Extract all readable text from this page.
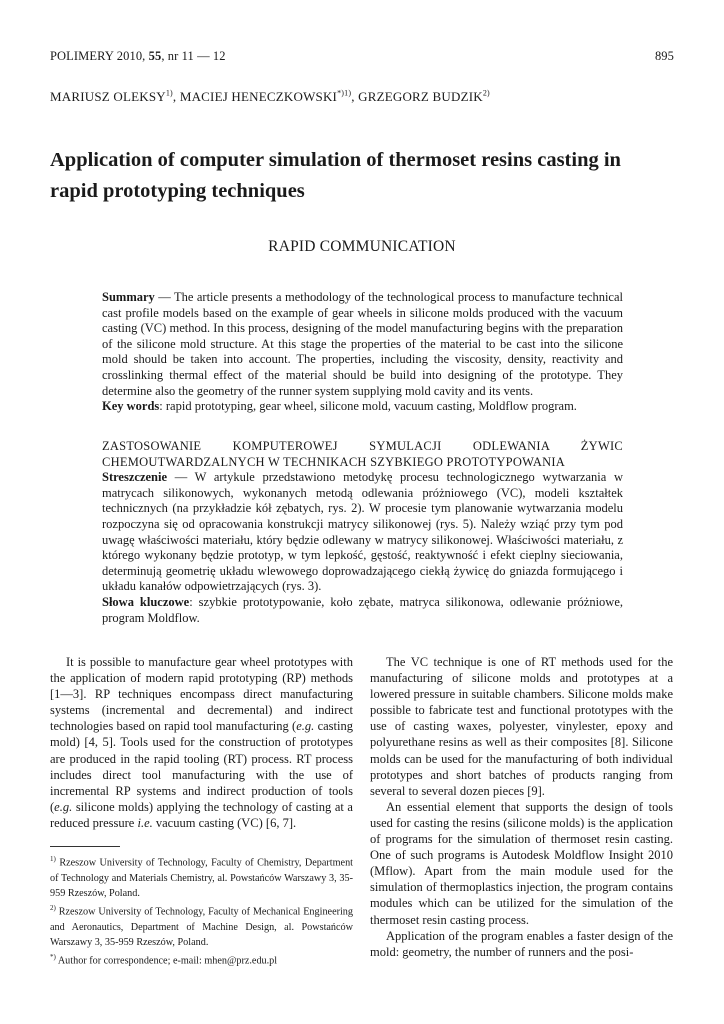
POLIMERY 2010, 55, nr 11 — 12	895
MARIUSZ OLEKSY$^{1)}$, MACIEJ $HENECZKOWSKI^{*)1)}$, GRZEGORZ BUDZIK$^{2)}$
Application of computer simulation of thermoset resins casting in rapid prototyping techniques
RAPID COMMUNICATION

Summary — The article presents a methodology of the technological process to manufacture technical cast profile models based on the example of gear wheels in silicone molds produced with the vacuum casting (VC) method. In this process, designing of the model manufacturing begins with the preparation of the silicone mold structure. At this stage the properties of the material to be cast into the silicone mold should be taken into account. The properties, including the viscosity, density, reactivity and crosslinking thermal effect of the material should be build into designing of the prototype. They determine also the geometry of the runner system supplying mold cavity and its vents.

Key words: rapid prototyping, gear wheel, silicone mold, vacuum casting, Moldflow program.

ZASTOSOWANIE KOMPUTEROWEJ SYMULACJI ODLEWANIA ŻYWIC CHEMOUTWARDZALNYCH W TECHNIKACH SZYBKIEGO PROTOTYPOWANIA

Streszczenie — W artykule przedstawiono metodykę procesu technologicznego wytwarzania w matrycach silikonowych, wykonanych metodą odlewania próżniowego (VC), modeli kształtek technicznych (na przykładzie kół zębatych, rys. 2). W procesie tym planowanie wytwarzania modelu rozpoczyna się od opracowania konstrukcji matrycy silikonowej (rys. 5). Należy wziąć przy tym pod uwagę właściwości materiału, który będzie odlewany w matrycy silikonowej. Właściwości materiału, z którego wykonany będzie prototyp, w tym lepkość, gęstość, reaktywność i efekt cieplny sieciowania, determinują geometrię układu wlewowego doprowadzającego ciekłą żywicę do gniazda formującego i układu kanałów odpowietrzających (rys. 3).

Słowa kluczowe: szybkie prototypowanie, koło zębate, matryca silikonowa, odlewanie próżniowe, program Moldflow.

It is possible to manufacture gear wheel prototypes with the application of modern rapid prototyping (RP) methods [1—3]. RP techniques encompass direct manufacturing systems (incremental and decremental) and indirect technologies based on rapid tool manufacturing (e.g. casting mold) [4, 5]. Tools used for the construction of prototypes are produced in the rapid tooling (RT) process. RT process includes direct tool manufacturing with the use of incremental RP systems and indirect production of tools (e.g. silicone molds) applying the technology of casting at a reduced pressure i.e. vacuum casting (VC) [6, 7].

$^{1)}$ Rzeszow University of Technology, Faculty of Chemistry, Department of Technology and Materials Chemistry, al. Powstańców Warszawy 3, 35-959 Rzeszów, Poland.

$^{2)}$ Rzeszow University of Technology, Faculty of Mechanical Engineering and Aeronautics, Department of Machine Design, al. Powstańców Warszawy 3, 35-959 Rzeszów, Poland.

*) Author for correspondence; e-mail: mhen@prz.edu.pl

The VC technique is one of RT methods used for the manufacturing of silicone molds and prototypes at a lowered pressure in suitable chambers. Silicone molds make possible to fabricate test and functional prototypes with the use of casting waxes, polyester, vinylester, epoxy and polyurethane resins as well as their composites [8]. Silicone molds can be used for the manufacturing of both individual prototypes and short batches of products ranging from several to several dozen pieces [9].

An essential element that supports the design of tools used for casting the resins (silicone molds) is the application of programs for the simulation of thermoset resin casting. One of such programs is Autodesk Moldflow Insight 2010 (Mflow). Apart from the main module used for the simulation of thermoplastics injection, the program contains modules which can be utilized for the simulation of the thermoset resin casting process.

Application of the program enables a faster design of the mold: geometry, the number of runners and the posi-
